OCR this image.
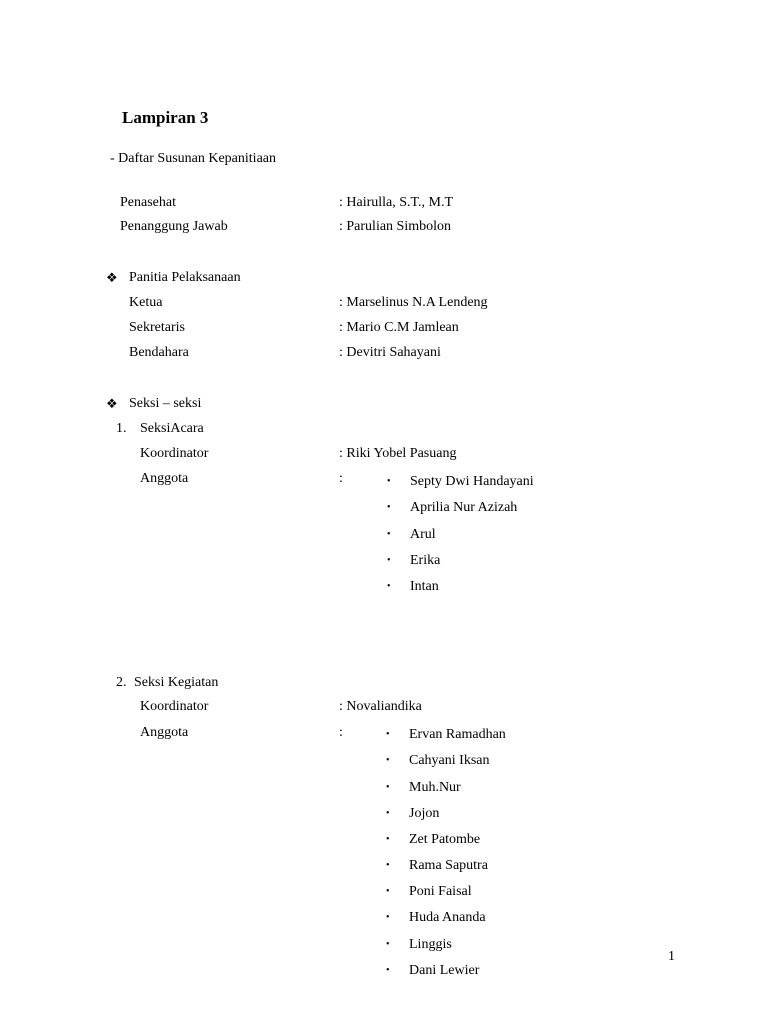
Lampiran 3
- Daftar Susunan Kepanitiaan
Penasehat	: Hairulla, S.T., M.T
Penanggung Jawab	: Parulian Simbolon
❖ Panitia Pelaksanaan
Ketua	: Marselinus N.A Lendeng
Sekretaris	: Mario C.M Jamlean
Bendahara	: Devitri Sahayani
❖ Seksi – seksi
1. SeksiAcara
Koordinator	: Riki Yobel Pasuang
Anggota	:	• Septy Dwi Handayani
• Aprilia Nur Azizah
• Arul
• Erika
• Intan
2. Seksi Kegiatan
Koordinator	: Novaliandika
Anggota	:	• Ervan Ramadhan
• Cahyani Iksan
• Muh.Nur
• Jojon
• Zet Patombe
• Rama Saputra
• Poni Faisal
• Huda Ananda
• Linggis
• Dani Lewier
1
